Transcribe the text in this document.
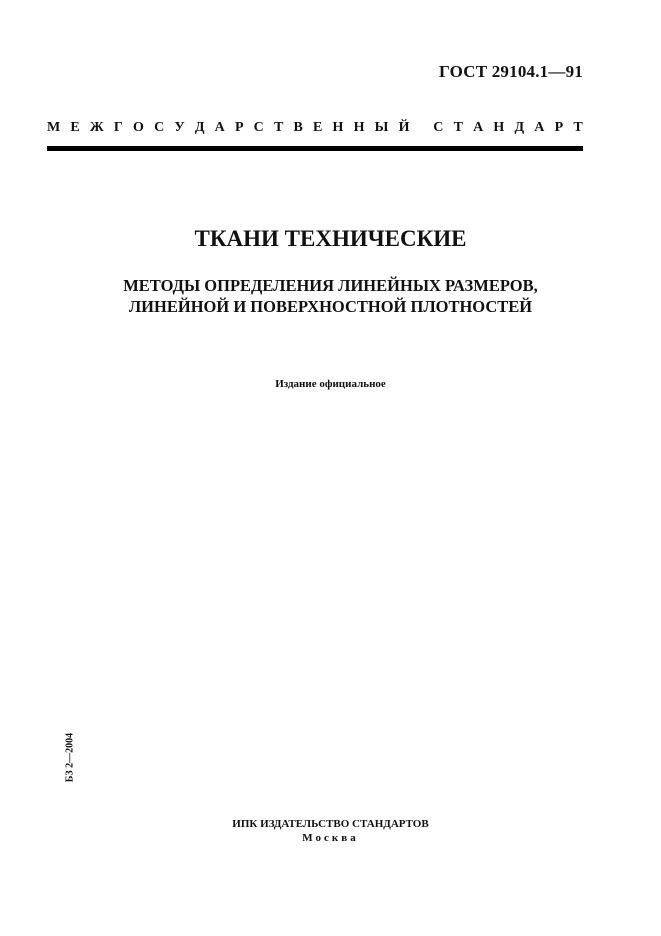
ГОСТ 29104.1—91
М Е Ж Г О С У Д А Р С Т В Е Н Н Ы Й
С Т А Н Д А Р Т
ТКАНИ ТЕХНИЧЕСКИЕ
МЕТОДЫ ОПРЕДЕЛЕНИЯ ЛИНЕЙНЫХ РАЗМЕРОВ,
ЛИНЕЙНОЙ И ПОВЕРХНОСТНОЙ ПЛОТНОСТЕЙ
Издание официальное
БЗ 2—2004
ИПК ИЗДАТЕЛЬСТВО СТАНДАРТОВ
Москва
